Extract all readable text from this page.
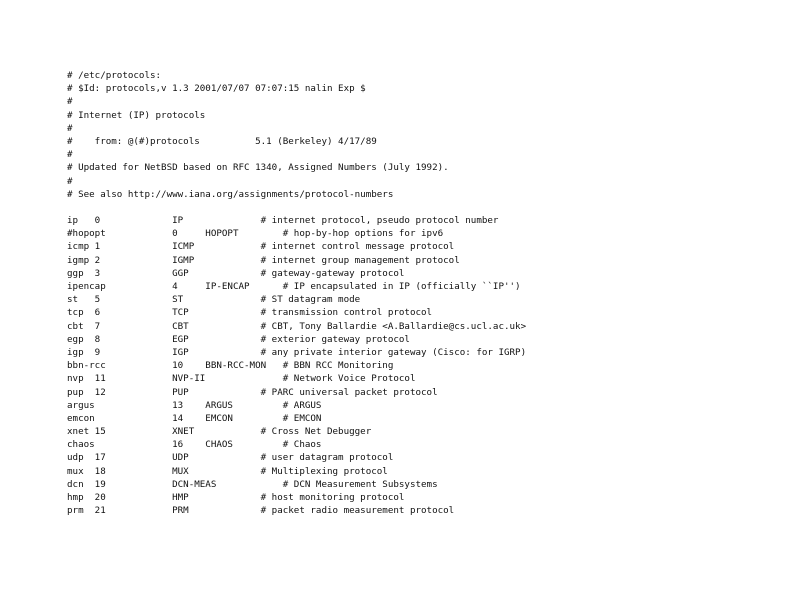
# /etc/protocols:
# $Id: protocols,v 1.3 2001/07/07 07:07:15 nalin Exp $
#
# Internet (IP) protocols
#
#    from: @(#)protocols          5.1 (Berkeley) 4/17/89
#
# Updated for NetBSD based on RFC 1340, Assigned Numbers (July 1992).
#
# See also http://www.iana.org/assignments/protocol-numbers
ip   0             IP              # internet protocol, pseudo protocol number
#hopopt            0     HOPOPT        # hop-by-hop options for ipv6
icmp 1             ICMP            # internet control message protocol
igmp 2             IGMP            # internet group management protocol
ggp  3             GGP             # gateway-gateway protocol
ipencap            4     IP-ENCAP      # IP encapsulated in IP (officially ``IP'')
st   5             ST              # ST datagram mode
tcp  6             TCP             # transmission control protocol
cbt  7             CBT             # CBT, Tony Ballardie <A.Ballardie@cs.ucl.ac.uk>
egp  8             EGP             # exterior gateway protocol
igp  9             IGP             # any private interior gateway (Cisco: for IGRP)
bbn-rcc            10    BBN-RCC-MON   # BBN RCC Monitoring
nvp  11            NVP-II              # Network Voice Protocol
pup  12            PUP             # PARC universal packet protocol
argus              13    ARGUS         # ARGUS
emcon              14    EMCON         # EMCON
xnet 15            XNET            # Cross Net Debugger
chaos              16    CHAOS         # Chaos
udp  17            UDP             # user datagram protocol
mux  18            MUX             # Multiplexing protocol
dcn  19            DCN-MEAS            # DCN Measurement Subsystems
hmp  20            HMP             # host monitoring protocol
prm  21            PRM             # packet radio measurement protocol
